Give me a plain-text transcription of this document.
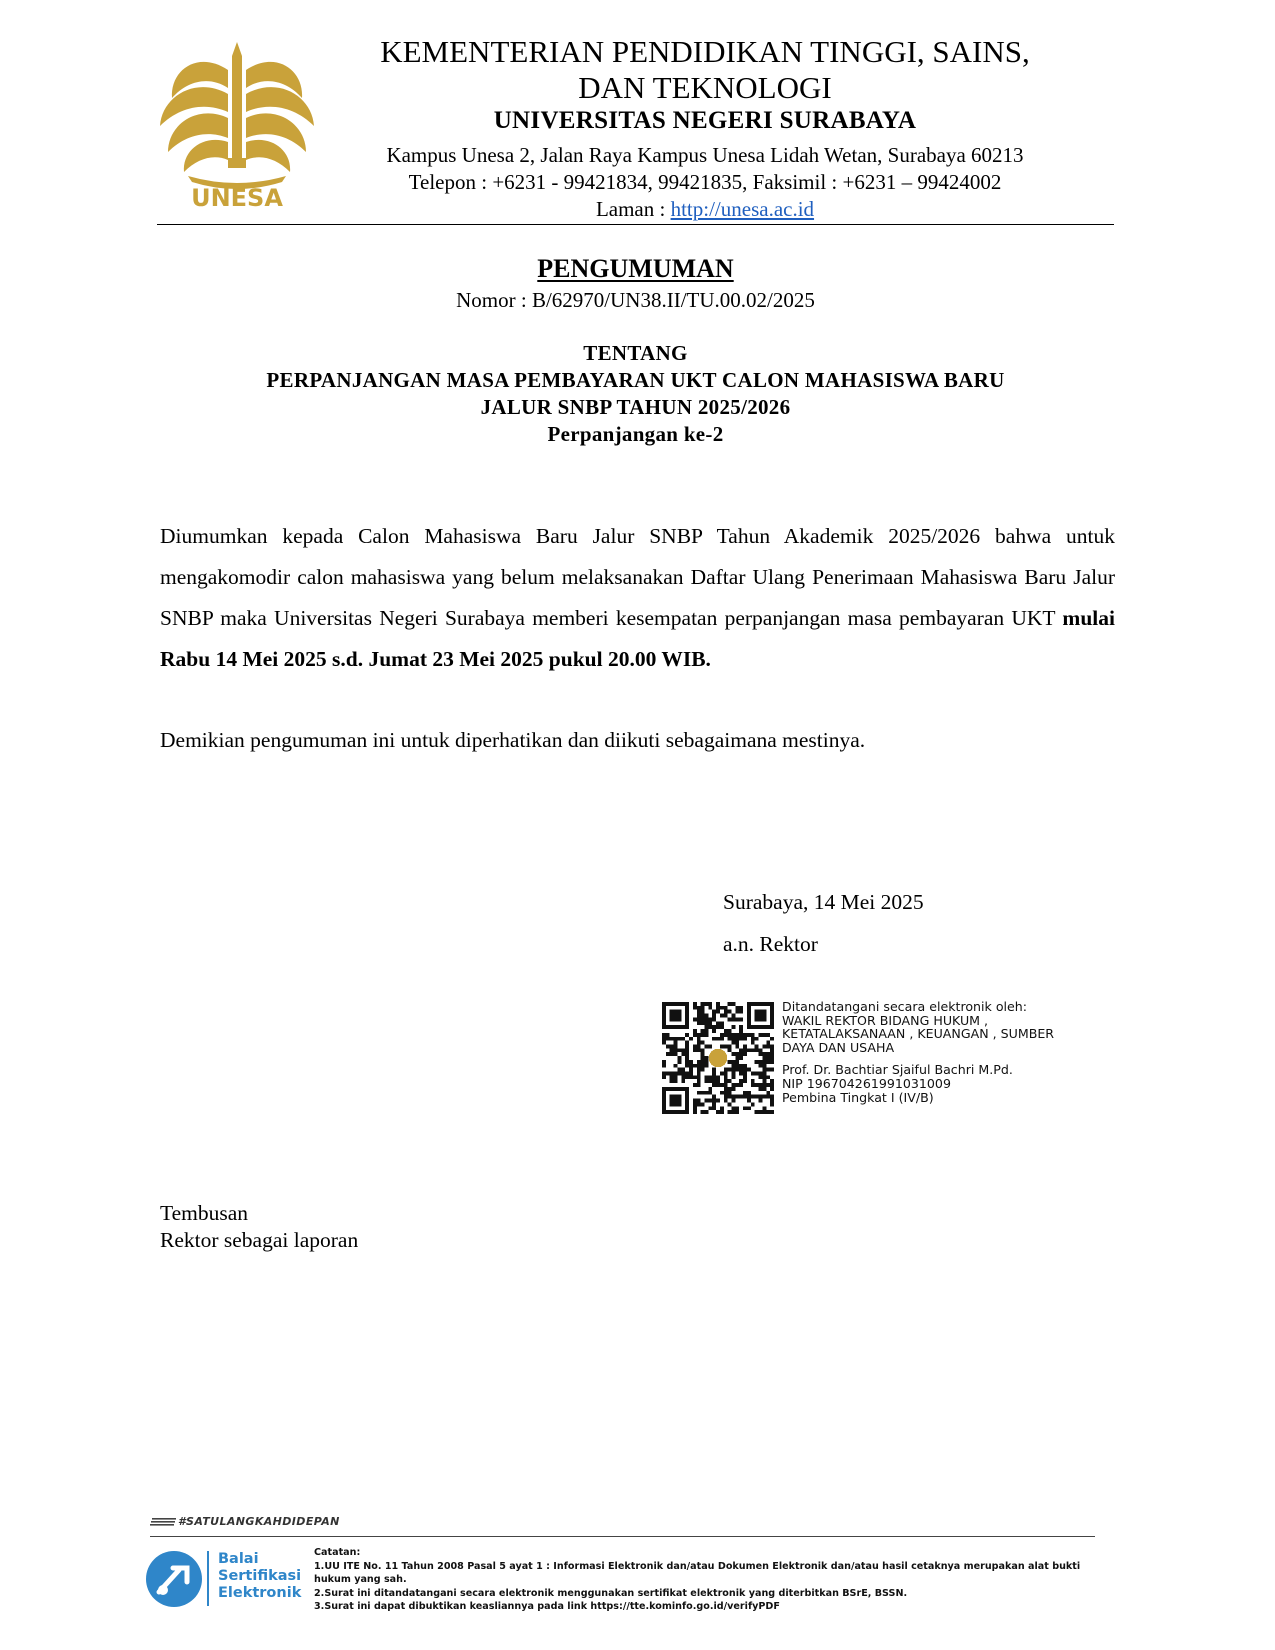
UNESA
KEMENTERIAN PENDIDIKAN TINGGI, SAINS,
DAN TEKNOLOGI
UNIVERSITAS NEGERI SURABAYA
Kampus Unesa 2, Jalan Raya Kampus Unesa Lidah Wetan, Surabaya 60213
Telepon : +6231 - 99421834, 99421835, Faksimil : +6231 – 99424002
Laman : http://unesa.ac.id
PENGUMUMAN
Nomor : B/62970/UN38.II/TU.00.02/2025
TENTANG
PERPANJANGAN MASA PEMBAYARAN UKT CALON MAHASISWA BARU
JALUR SNBP TAHUN 2025/2026
Perpanjangan ke-2
Diumumkan kepada Calon Mahasiswa Baru Jalur SNBP Tahun Akademik 2025/2026 bahwa untuk mengakomodir calon mahasiswa yang belum melaksanakan Daftar Ulang Penerimaan Mahasiswa Baru Jalur SNBP maka Universitas Negeri Surabaya memberi kesempatan perpanjangan masa pembayaran UKT mulai Rabu 14 Mei 2025 s.d. Jumat 23 Mei 2025 pukul 20.00 WIB.
Demikian pengumuman ini untuk diperhatikan dan diikuti sebagaimana mestinya.
Surabaya, 14 Mei 2025
a.n. Rektor
Ditandatangani secara elektronik oleh:
WAKIL REKTOR BIDANG HUKUM ,
KETATALAKSANAAN , KEUANGAN , SUMBER
DAYA DAN USAHA
Prof. Dr. Bachtiar Sjaiful Bachri M.Pd.
NIP 196704261991031009
Pembina Tingkat I (IV/B)
Tembusan
Rektor sebagai laporan
#SATULANGKAHDIDEPAN
Balai
Sertifikasi
Elektronik
Catatan:
1.UU ITE No. 11 Tahun 2008 Pasal 5 ayat 1 : Informasi Elektronik dan/atau Dokumen Elektronik dan/atau hasil cetaknya merupakan alat bukti hukum yang sah.
2.Surat ini ditandatangani secara elektronik menggunakan sertifikat elektronik yang diterbitkan BSrE, BSSN.
3.Surat ini dapat dibuktikan keasliannya pada link https://tte.kominfo.go.id/verifyPDF
